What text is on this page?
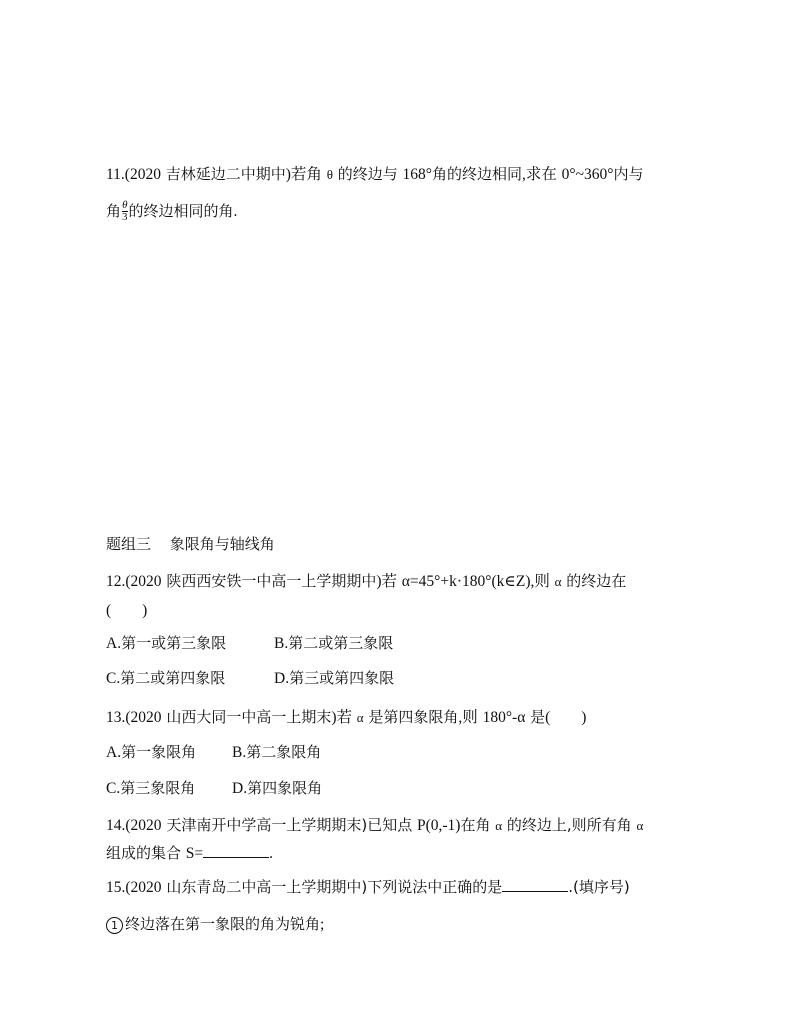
11.(2020 吉林延边二中期中)若角 θ 的终边与 168°角的终边相同,求在 0°~360°内与
角 $\frac{\theta}{3}$ 的终边相同的角.
题组三 象限角与轴线角
12.(2020 陕西西安铁一中高一上学期期中)若 α=45°+k·180°(k∈Z),则 α 的终边在
(　　)
A.第一或第三象限	B.第二或第三象限
C.第二或第四象限	D.第三或第四象限
13.(2020 山西大同一中高一上期末)若 α 是第四象限角,则 180°-α 是(　　)
A.第一象限角 B.第二象限角
C.第三象限角 D.第四象限角
14.(2020 天津南开中学高一上学期期末)已知点 P(0,-1)在角 α 的终边上,则所有角 α
组成的集合 S=	.
15.(2020 山东青岛二中高一上学期期中)下列说法中正确的是	.(填序号)
1 终边落在第一象限的角为锐角;
